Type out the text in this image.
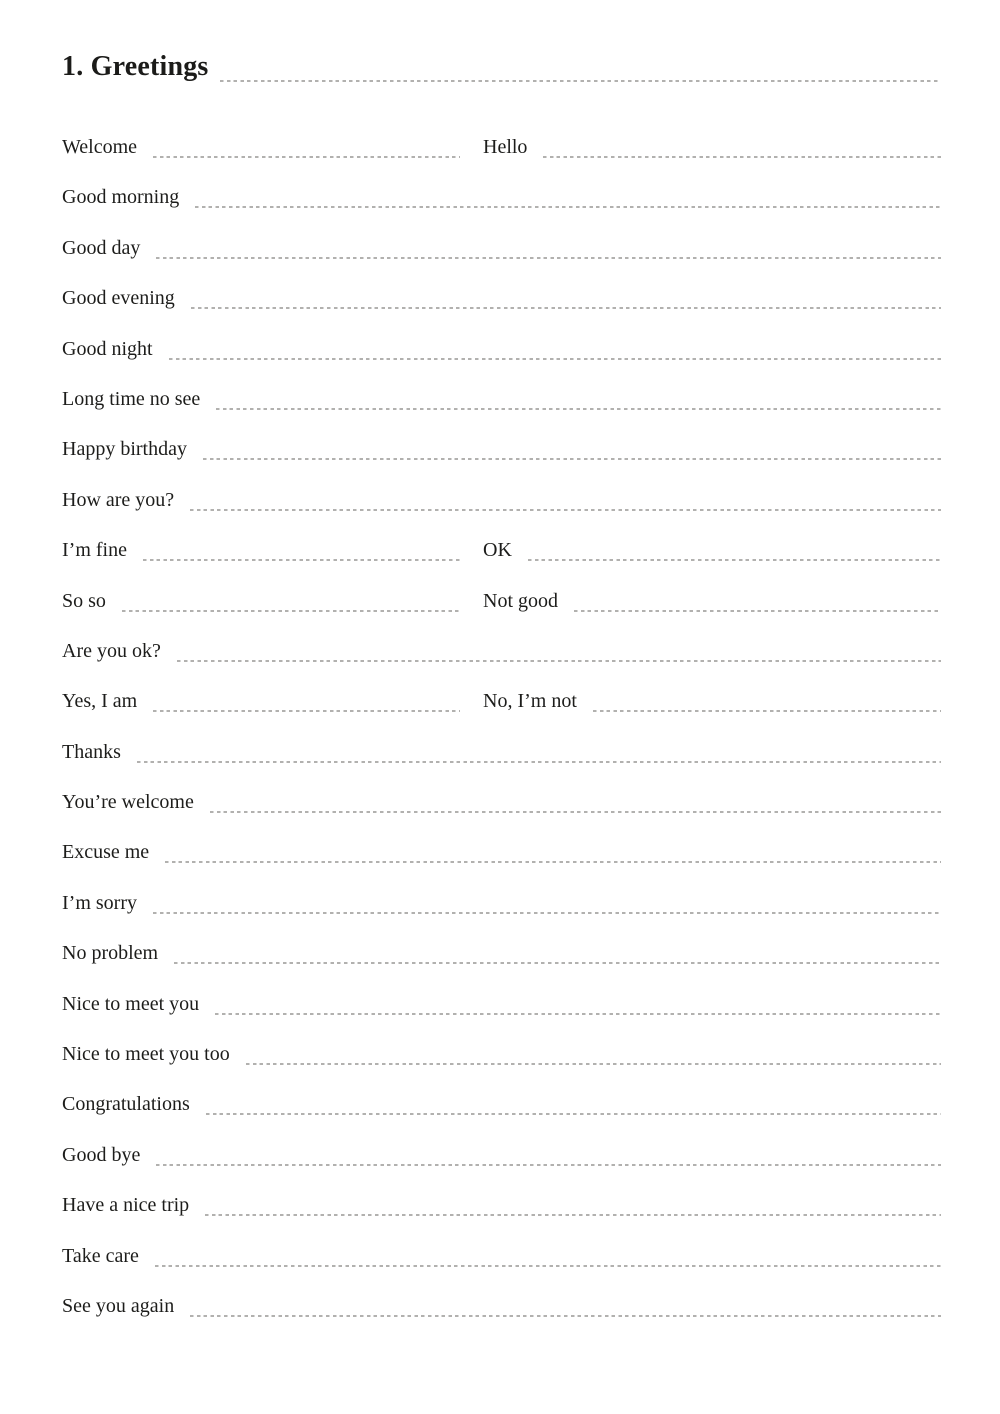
1. Greetings
Welcome	Hello
Good morning
Good day
Good evening
Good night
Long time no see
Happy birthday
How are you?
I’m fine	OK
So so	Not good
Are you ok?
Yes, I am	No, I’m not
Thanks
You’re welcome
Excuse me
I’m sorry
No problem
Nice to meet you
Nice to meet you too
Congratulations
Good bye
Have a nice trip
Take care
See you again
